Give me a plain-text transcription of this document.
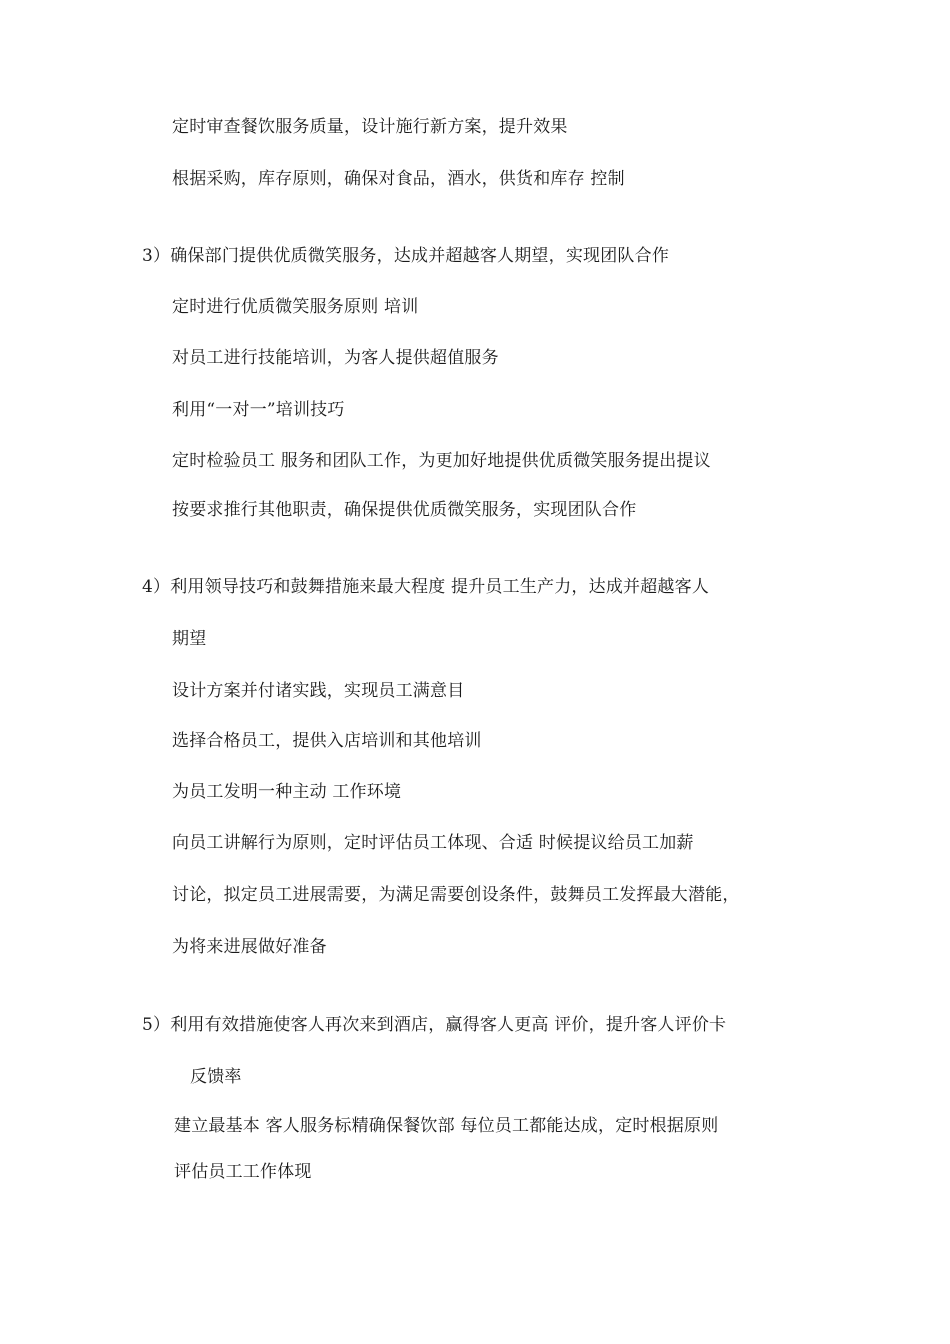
定时审查餐饮服务质量，设计施行新方案，提升效果
根据采购，库存原则，确保对食品，酒水，供货和库存 控制
3）确保部门提供优质微笑服务，达成并超越客人期望，实现团队合作
定时进行优质微笑服务原则 培训
对员工进行技能培训，为客人提供超值服务
利用“一对一”培训技巧
定时检验员工 服务和团队工作，为更加好地提供优质微笑服务提出提议
按要求推行其他职责，确保提供优质微笑服务，实现团队合作
4）利用领导技巧和鼓舞措施来最大程度 提升员工生产力，达成并超越客人
期望
设计方案并付诸实践，实现员工满意目
选择合格员工，提供入店培训和其他培训
为员工发明一种主动 工作环境
向员工讲解行为原则，定时评估员工体现、合适 时候提议给员工加薪
讨论，拟定员工进展需要，为满足需要创设条件，鼓舞员工发挥最大潜能，
为将来进展做好准备
5）利用有效措施使客人再次来到酒店，赢得客人更高 评价，提升客人评价卡
反馈率
建立最基本 客人服务标精确保餐饮部 每位员工都能达成，定时根据原则
评估员工工作体现
